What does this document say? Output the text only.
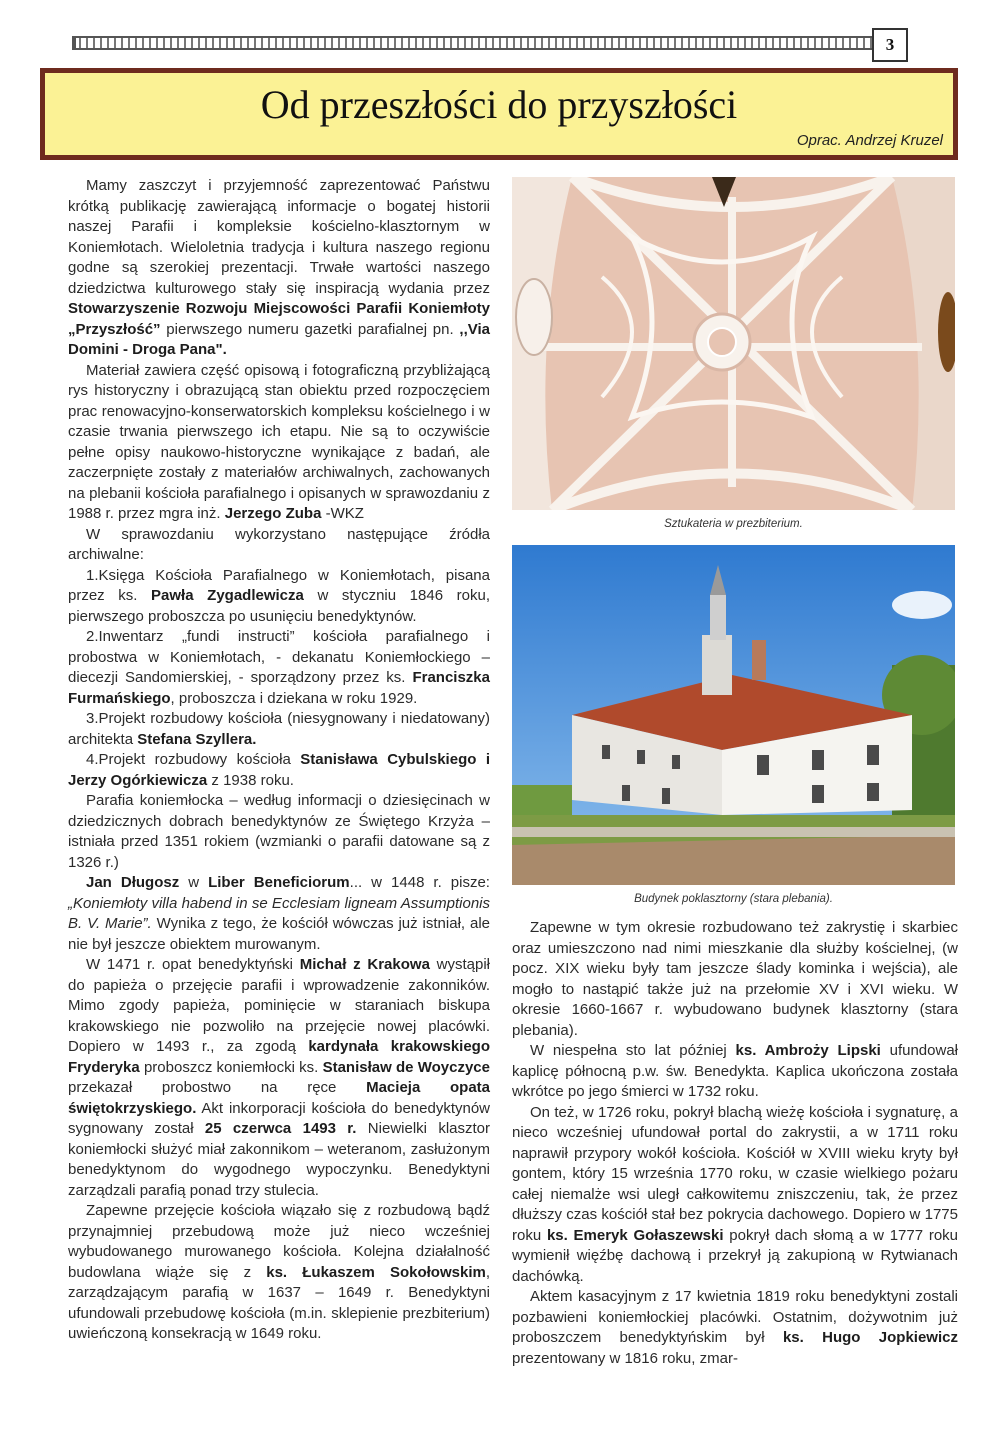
3
Od przeszłości do przyszłości
Oprac. Andrzej Kruzel

Mamy zaszczyt i przyjemność zaprezentować Państwu krótką publikację zawierającą informacje o bogatej historii naszej Parafii i kompleksie kościelno-klasztornym w Koniemłotach. Wieloletnia tradycja i kultura naszego regionu godne są szerokiej prezentacji. Trwałe wartości naszego dziedzictwa kulturowego stały się inspiracją wydania przez Stowarzyszenie Rozwoju Miejscowości Parafii Koniemłoty „Przyszłość” pierwszego numeru gazetki parafialnej pn. ,,Via Domini - Droga Pana".

Materiał zawiera część opisową i fotograficzną przybliżającą rys historyczny i obrazującą stan obiektu przed rozpoczęciem prac renowacyjno-konserwatorskich kompleksu kościelnego i w czasie trwania pierwszego ich etapu. Nie są to oczywiście pełne opisy naukowo-historyczne wynikające z badań, ale zaczerpnięte zostały z materiałów archiwalnych, zachowanych na plebanii kościoła parafialnego i opisanych w sprawozdaniu z 1988 r. przez mgra inż. Jerzego Zuba -WKZ

W sprawozdaniu wykorzystano następujące źródła archiwalne:

1.Księga Kościoła Parafialnego w Koniemłotach, pisana przez ks. Pawła Zygadlewicza w styczniu 1846 roku, pierwszego proboszcza po usunięciu benedyktynów.

2.Inwentarz „fundi instructi” kościoła parafialnego i probostwa w Koniemłotach, - dekanatu Koniemłockiego – diecezji Sandomierskiej, - sporządzony przez ks. Franciszka Furmańskiego, proboszcza i dziekana w roku 1929.

3.Projekt rozbudowy kościoła (niesygnowany i niedatowany) architekta Stefana Szyllera.

4.Projekt rozbudowy kościoła Stanisława Cybulskiego i Jerzy Ogórkiewicza z 1938 roku.

Parafia koniemłocka – według informacji o dziesięcinach w dziedzicznych dobrach benedyktynów ze Świętego Krzyża – istniała przed 1351 rokiem (wzmianki o parafii datowane są z 1326 r.)

Jan Długosz w Liber Beneficiorum... w 1448 r. pisze: „Koniemłoty villa habend in se Ecclesiam ligneam Assumptionis B. V. Marie”. Wynika z tego, że kościół wówczas już istniał, ale nie był jeszcze obiektem murowanym.

W 1471 r. opat benedyktyński Michał z Krakowa wystąpił do papieża o przejęcie parafii i wprowadzenie zakonników. Mimo zgody papieża, pominięcie w staraniach biskupa krakowskiego nie pozwoliło na przejęcie nowej placówki. Dopiero w 1493 r., za zgodą kardynała krakowskiego Fryderyka proboszcz koniemłocki ks. Stanisław de Woyczyce przekazał probostwo na ręce Macieja opata świętokrzyskiego. Akt inkorporacji kościoła do benedyktynów sygnowany został 25 czerwca 1493 r. Niewielki klasztor koniemłocki służyć miał zakonnikom – weteranom, zasłużonym benedyktynom do wygodnego wypoczynku. Benedyktyni zarządzali parafią ponad trzy stulecia.

Zapewne przejęcie kościoła wiązało się z rozbudową bądź przynajmniej przebudową może już nieco wcześniej wybudowanego murowanego kościoła. Kolejna działalność budowlana wiąże się z ks. Łukaszem Sokołowskim, zarządzającym parafią w 1637 – 1649 r. Benedyktyni ufundowali przebudowę kościoła (m.in. sklepienie prezbiterium) uwieńczoną konsekracją w 1649 roku.

Sztukateria w prezbiterium.
Budynek poklasztorny (stara plebania).

Zapewne w tym okresie rozbudowano też zakrystię i skarbiec oraz umieszczono nad nimi mieszkanie dla służby kościelnej, (w pocz. XIX wieku były tam jeszcze ślady kominka i wejścia), ale mogło to nastąpić także już na przełomie XV i XVI wieku. W okresie 1660-1667 r. wybudowano budynek klasztorny (stara plebania).

W niespełna sto lat później ks. Ambroży Lipski ufundował kaplicę północną p.w. św. Benedykta. Kaplica ukończona została wkrótce po jego śmierci w 1732 roku.

On też, w 1726 roku, pokrył blachą wieżę kościoła i sygnaturę, a nieco wcześniej ufundował portal do zakrystii, a w 1711 roku naprawił przypory wokół kościoła. Kościół w XVIII wieku kryty był gontem, który 15 września 1770 roku, w czasie wielkiego pożaru całej niemalże wsi uległ całkowitemu zniszczeniu, tak, że przez dłuższy czas kościół stał bez pokrycia dachowego. Dopiero w 1775 roku ks. Emeryk Gołaszewski pokrył dach słomą a w 1777 roku wymienił więźbę dachową i przekrył ją zakupioną w Rytwianach dachówką.

Aktem kasacyjnym z 17 kwietnia 1819 roku benedyktyni zostali pozbawieni koniemłockiej placówki. Ostatnim, dożywotnim już proboszczem benedyktyńskim był ks. Hugo Jopkiewicz prezentowany w 1816 roku, zmar-
